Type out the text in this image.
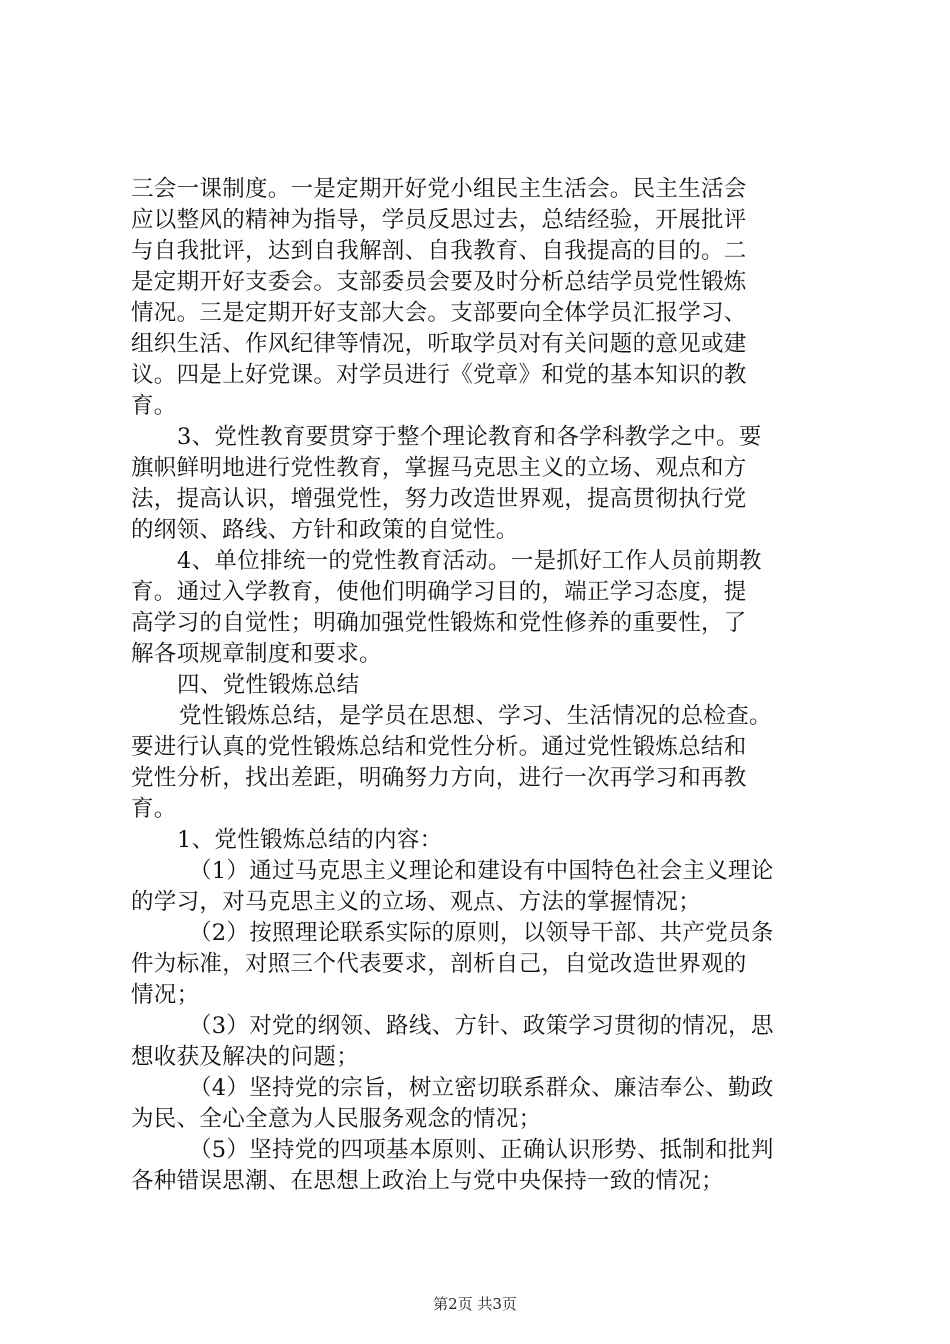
三会一课制度。一是定期开好党小组民主生活会。民主生活会
应以整风的精神为指导，学员反思过去，总结经验，开展批评
与自我批评，达到自我解剖、自我教育、自我提高的目的。二
是定期开好支委会。支部委员会要及时分析总结学员党性锻炼
情况。三是定期开好支部大会。支部要向全体学员汇报学习、
组织生活、作风纪律等情况，听取学员对有关问题的意见或建
议。四是上好党课。对学员进行《党章》和党的基本知识的教
育。
3、党性教育要贯穿于整个理论教育和各学科教学之中。要
旗帜鲜明地进行党性教育，掌握马克思主义的立场、观点和方
法，提高认识，增强党性，努力改造世界观，提高贯彻执行党
的纲领、路线、方针和政策的自觉性。
4、单位排统一的党性教育活动。一是抓好工作人员前期教
育。通过入学教育，使他们明确学习目的，端正学习态度，提
高学习的自觉性；明确加强党性锻炼和党性修养的重要性，了
解各项规章制度和要求。
四、党性锻炼总结
党性锻炼总结，是学员在思想、学习、生活情况的总检查。
要进行认真的党性锻炼总结和党性分析。通过党性锻炼总结和
党性分析，找出差距，明确努力方向，进行一次再学习和再教
育。
1、党性锻炼总结的内容：
（1）通过马克思主义理论和建设有中国特色社会主义理论
的学习，对马克思主义的立场、观点、方法的掌握情况；
（2）按照理论联系实际的原则，以领导干部、共产党员条
件为标准，对照三个代表要求，剖析自己，自觉改造世界观的
情况；
（3）对党的纲领、路线、方针、政策学习贯彻的情况，思
想收获及解决的问题；
（4）坚持党的宗旨，树立密切联系群众、廉洁奉公、勤政
为民、全心全意为人民服务观念的情况；
（5）坚持党的四项基本原则、正确认识形势、抵制和批判
各种错误思潮、在思想上政治上与党中央保持一致的情况；
第2页 共3页
